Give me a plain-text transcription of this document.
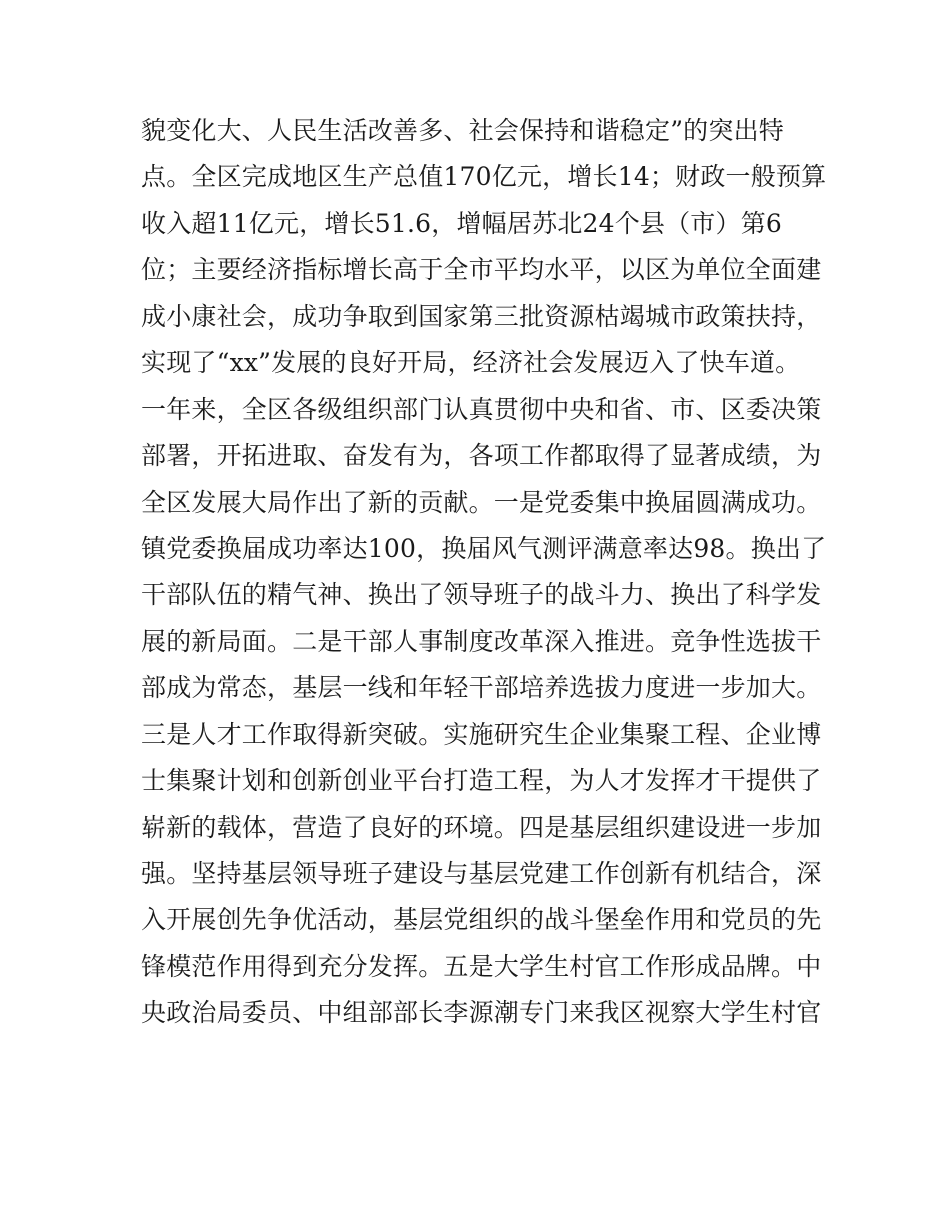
貌变化大、人民生活改善多、社会保持和谐稳定”的突出特
点。全区完成地区生产总值170亿元，增长14；财政一般预算
收入超11亿元，增长51.6，增幅居苏北24个县（市）第6
位；主要经济指标增长高于全市平均水平，以区为单位全面建
成小康社会，成功争取到国家第三批资源枯竭城市政策扶持，
实现了“xx”发展的良好开局，经济社会发展迈入了快车道。
一年来，全区各级组织部门认真贯彻中央和省、市、区委决策
部署，开拓进取、奋发有为，各项工作都取得了显著成绩，为
全区发展大局作出了新的贡献。一是党委集中换届圆满成功。
镇党委换届成功率达100，换届风气测评满意率达98。换出了
干部队伍的精气神、换出了领导班子的战斗力、换出了科学发
展的新局面。二是干部人事制度改革深入推进。竞争性选拔干
部成为常态，基层一线和年轻干部培养选拔力度进一步加大。
三是人才工作取得新突破。实施研究生企业集聚工程、企业博
士集聚计划和创新创业平台打造工程，为人才发挥才干提供了
崭新的载体，营造了良好的环境。四是基层组织建设进一步加
强。坚持基层领导班子建设与基层党建工作创新有机结合，深
入开展创先争优活动，基层党组织的战斗堡垒作用和党员的先
锋模范作用得到充分发挥。五是大学生村官工作形成品牌。中
央政治局委员、中组部部长李源潮专门来我区视察大学生村官
